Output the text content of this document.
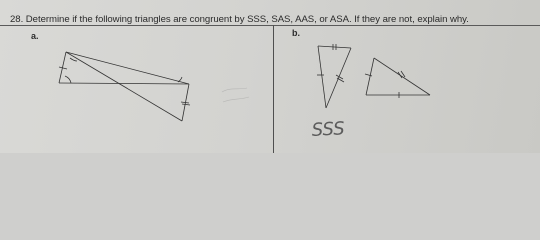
28. Determine if the following triangles are congruent by SSS, SAS, AAS, or ASA. If they are not, explain why.
a.	b.
SSS
